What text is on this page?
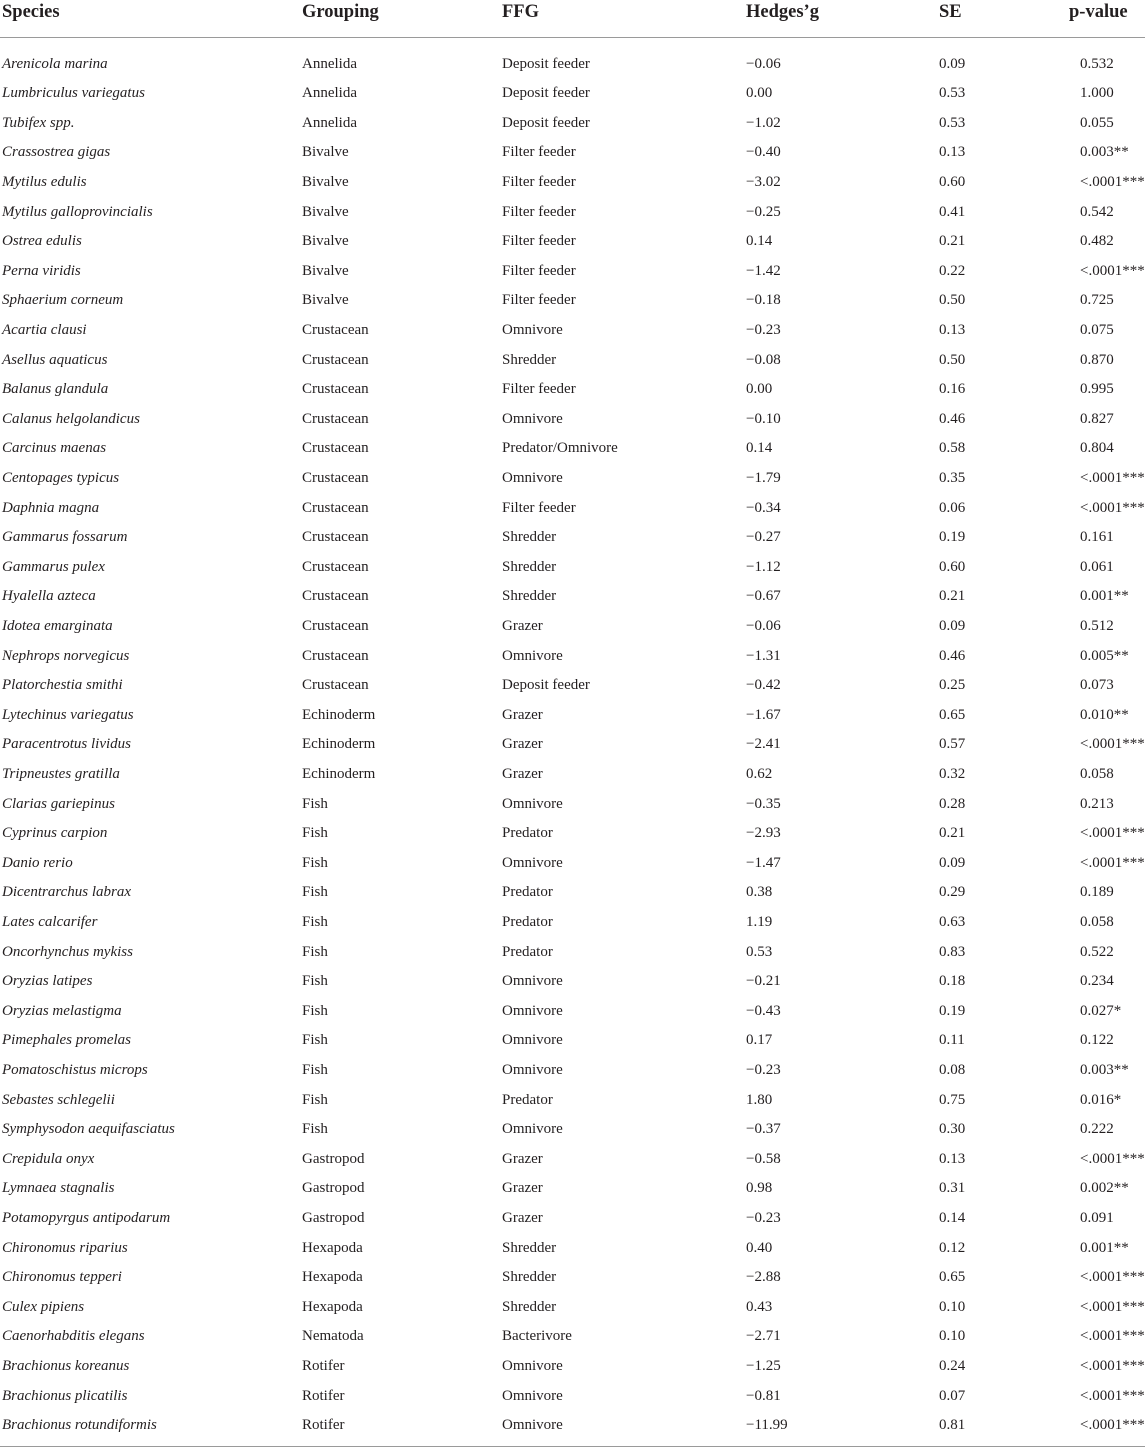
Species	Grouping	FFG	Hedges’g	SE	p-value
Arenicola marina	Annelida	Deposit feeder	−0.06	0.09	0.532
Lumbriculus variegatus	Annelida	Deposit feeder	0.00	0.53	1.000
Tubifex spp.	Annelida	Deposit feeder	−1.02	0.53	0.055
Crassostrea gigas	Bivalve	Filter feeder	−0.40	0.13	0.003**
Mytilus edulis	Bivalve	Filter feeder	−3.02	0.60	<.0001***
Mytilus galloprovincialis	Bivalve	Filter feeder	−0.25	0.41	0.542
Ostrea edulis	Bivalve	Filter feeder	0.14	0.21	0.482
Perna viridis	Bivalve	Filter feeder	−1.42	0.22	<.0001***
Sphaerium corneum	Bivalve	Filter feeder	−0.18	0.50	0.725
Acartia clausi	Crustacean	Omnivore	−0.23	0.13	0.075
Asellus aquaticus	Crustacean	Shredder	−0.08	0.50	0.870
Balanus glandula	Crustacean	Filter feeder	0.00	0.16	0.995
Calanus helgolandicus	Crustacean	Omnivore	−0.10	0.46	0.827
Carcinus maenas	Crustacean	Predator/Omnivore	0.14	0.58	0.804
Centopages typicus	Crustacean	Omnivore	−1.79	0.35	<.0001***
Daphnia magna	Crustacean	Filter feeder	−0.34	0.06	<.0001***
Gammarus fossarum	Crustacean	Shredder	−0.27	0.19	0.161
Gammarus pulex	Crustacean	Shredder	−1.12	0.60	0.061
Hyalella azteca	Crustacean	Shredder	−0.67	0.21	0.001**
Idotea emarginata	Crustacean	Grazer	−0.06	0.09	0.512
Nephrops norvegicus	Crustacean	Omnivore	−1.31	0.46	0.005**
Platorchestia smithi	Crustacean	Deposit feeder	−0.42	0.25	0.073
Lytechinus variegatus	Echinoderm	Grazer	−1.67	0.65	0.010**
Paracentrotus lividus	Echinoderm	Grazer	−2.41	0.57	<.0001***
Tripneustes gratilla	Echinoderm	Grazer	0.62	0.32	0.058
Clarias gariepinus	Fish	Omnivore	−0.35	0.28	0.213
Cyprinus carpion	Fish	Predator	−2.93	0.21	<.0001***
Danio rerio	Fish	Omnivore	−1.47	0.09	<.0001***
Dicentrarchus labrax	Fish	Predator	0.38	0.29	0.189
Lates calcarifer	Fish	Predator	1.19	0.63	0.058
Oncorhynchus mykiss	Fish	Predator	0.53	0.83	0.522
Oryzias latipes	Fish	Omnivore	−0.21	0.18	0.234
Oryzias melastigma	Fish	Omnivore	−0.43	0.19	0.027*
Pimephales promelas	Fish	Omnivore	0.17	0.11	0.122
Pomatoschistus microps	Fish	Omnivore	−0.23	0.08	0.003**
Sebastes schlegelii	Fish	Predator	1.80	0.75	0.016*
Symphysodon aequifasciatus	Fish	Omnivore	−0.37	0.30	0.222
Crepidula onyx	Gastropod	Grazer	−0.58	0.13	<.0001***
Lymnaea stagnalis	Gastropod	Grazer	0.98	0.31	0.002**
Potamopyrgus antipodarum	Gastropod	Grazer	−0.23	0.14	0.091
Chironomus riparius	Hexapoda	Shredder	0.40	0.12	0.001**
Chironomus tepperi	Hexapoda	Shredder	−2.88	0.65	<.0001***
Culex pipiens	Hexapoda	Shredder	0.43	0.10	<.0001***
Caenorhabditis elegans	Nematoda	Bacterivore	−2.71	0.10	<.0001***
Brachionus koreanus	Rotifer	Omnivore	−1.25	0.24	<.0001***
Brachionus plicatilis	Rotifer	Omnivore	−0.81	0.07	<.0001***
Brachionus rotundiformis	Rotifer	Omnivore	−11.99	0.81	<.0001***
